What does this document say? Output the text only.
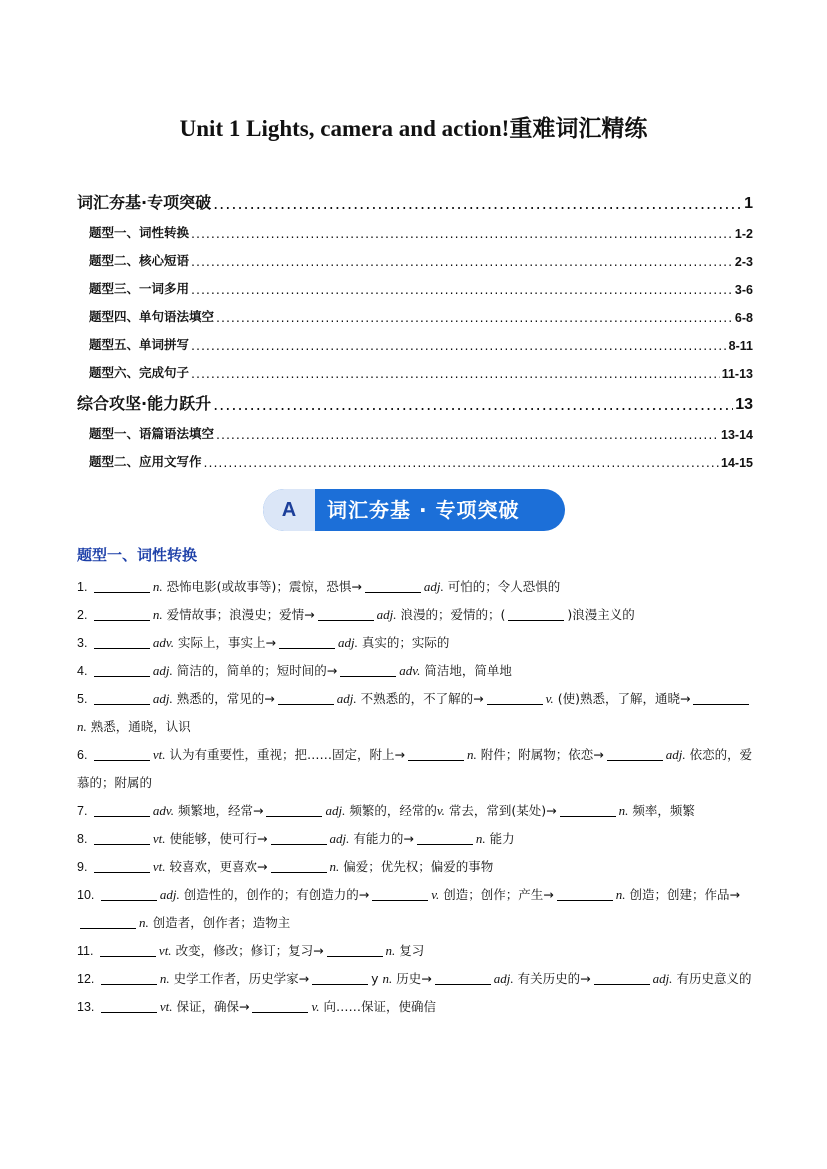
Unit 1 Lights, camera and action!重难词汇精练
词汇夯基·专项突破 .....	1
题型一、词性转换 .....	1-2
题型二、核心短语 .....	2-3
题型三、一词多用 .....	3-6
题型四、单句语法填空 .....	6-8
题型五、单词拼写 .....	8-11
题型六、完成句子 .....	11-13
综合攻坚·能力跃升 .....	13
题型一、语篇语法填空 .....	13-14
题型二、应用文写作 .....	14-15
A	词汇夯基 · 专项突破
题型一、词性转换
1.	n. 恐怖电影(或故事等)；震惊，恐惧→	adj. 可怕的；令人恐惧的
2.	n. 爱情故事；浪漫史；爱情→	adj. 浪漫的；爱情的；(	)浪漫主义的
3.	adv. 实际上，事实上→	adj. 真实的；实际的
4.	adj. 简洁的，简单的；短时间的→	adv. 简洁地，简单地
5.	adj. 熟悉的，常见的→	adj. 不熟悉的，不了解的→	v. (使)熟悉，了解，通晓→n. 熟悉，通晓，认识
6.	vt. 认为有重要性，重视；把……固定，附上→	n. 附件；附属物；依恋→	adj. 依恋的，爱慕的；附属的
7.	adv. 频繁地，经常→	adj. 频繁的，经常的v. 常去，常到(某处)→	n. 频率，频繁
8.	vt. 使能够，使可行→	adj. 有能力的→	n. 能力
9.	vt. 较喜欢，更喜欢→	n. 偏爱；优先权；偏爱的事物
10.	adj. 创造性的，创作的；有创造力的→	v. 创造；创作；产生→	n. 创造；创建；作品→n. 创造者，创作者；造物主
11.	vt. 改变，修改；修订；复习→	n. 复习
12.	n. 史学工作者，历史学家→	y n. 历史→	adj. 有关历史的→	adj. 有历史意义的
13.	vt. 保证，确保→	v. 向……保证，使确信
